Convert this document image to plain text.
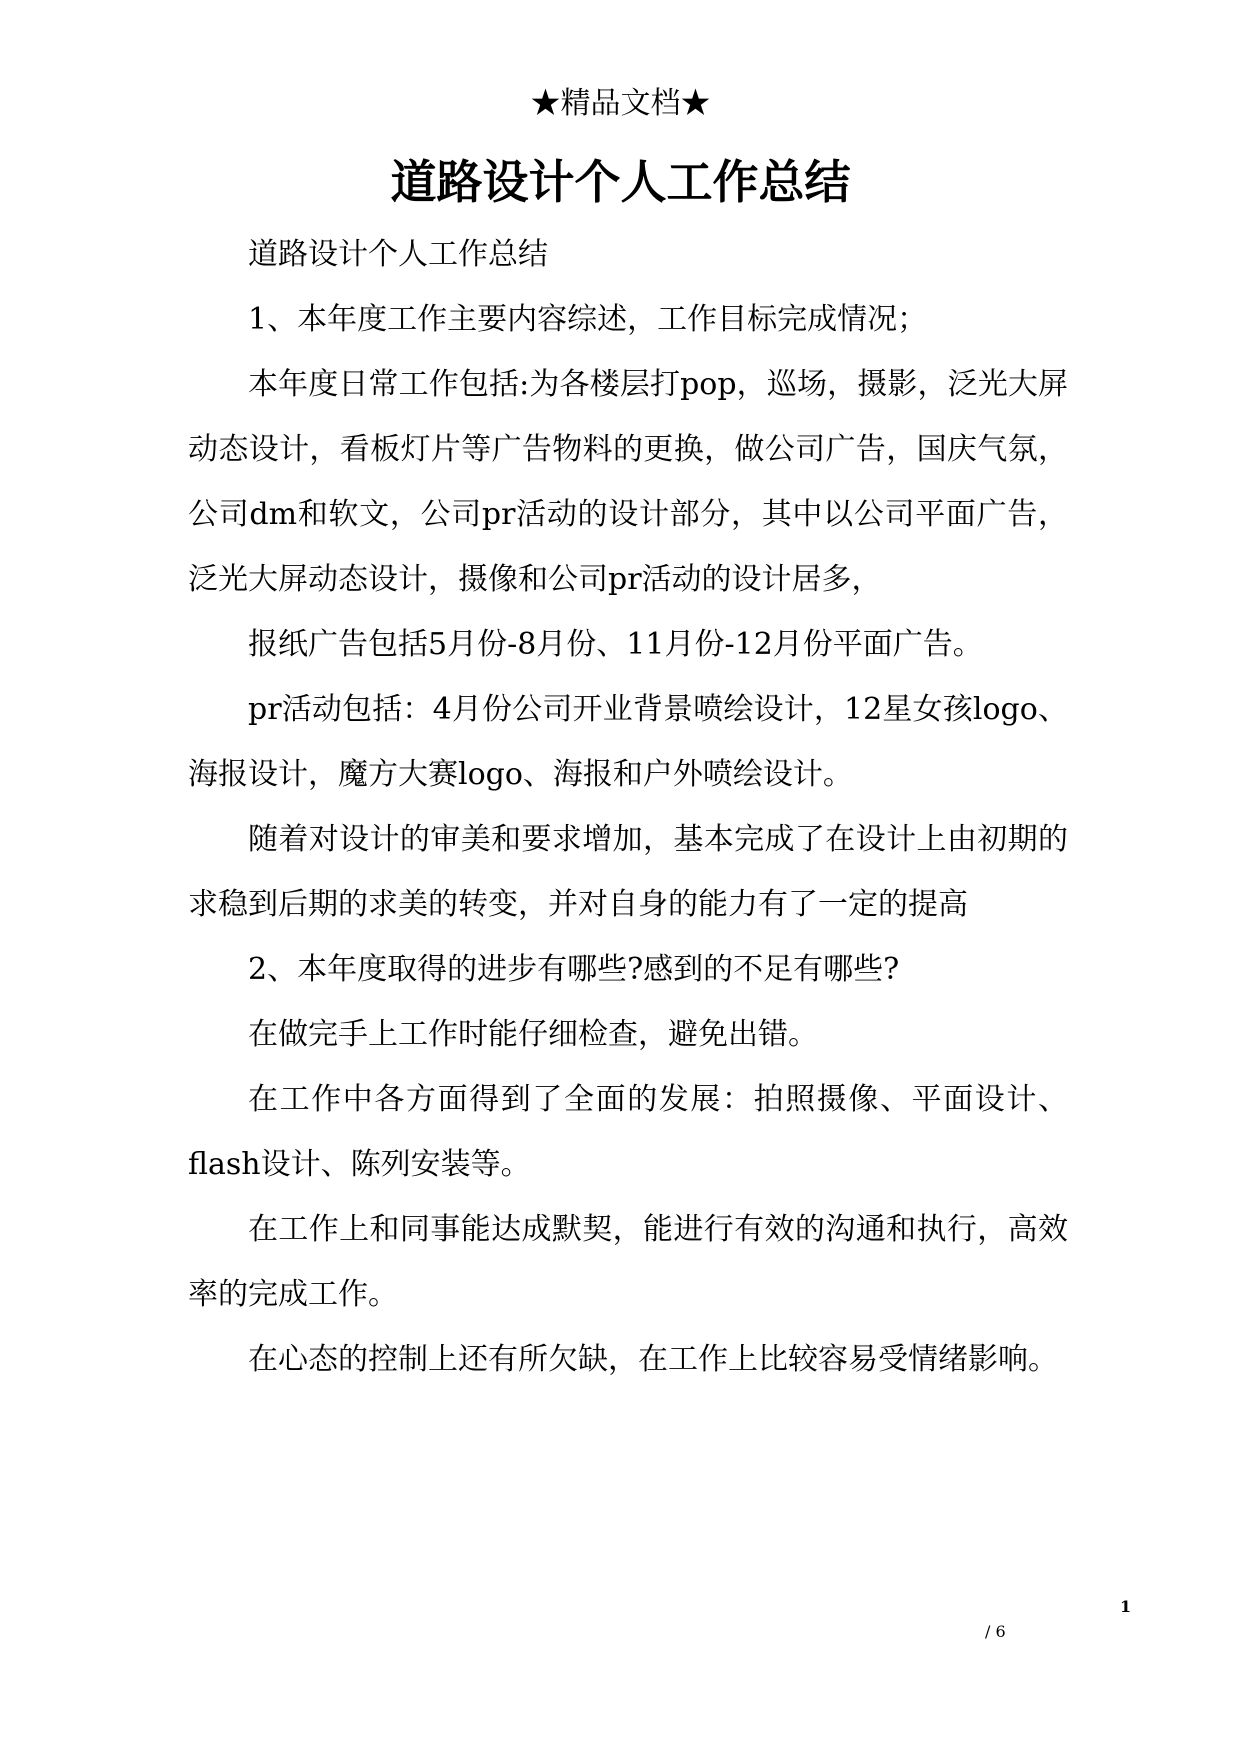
★精品文档★
道路设计个人工作总结

道路设计个人工作总结

1、本年度工作主要内容综述，工作目标完成情况；

本年度日常工作包括:为各楼层打pop，巡场，摄影，泛光大屏动态设计，看板灯片等广告物料的更换，做公司广告，国庆气氛，公司dm和软文，公司pr活动的设计部分，其中以公司平面广告，泛光大屏动态设计，摄像和公司pr活动的设计居多，

报纸广告包括5月份-8月份、11月份-12月份平面广告。

pr活动包括：4月份公司开业背景喷绘设计，12星女孩logo、海报设计，魔方大赛logo、海报和户外喷绘设计。

随着对设计的审美和要求增加，基本完成了在设计上由初期的求稳到后期的求美的转变，并对自身的能力有了一定的提高

2、本年度取得的进步有哪些?感到的不足有哪些?

在做完手上工作时能仔细检查，避免出错。

在工作中各方面得到了全面的发展：拍照摄像、平面设计、flash设计、陈列安装等。

在工作上和同事能达成默契，能进行有效的沟通和执行，高效率的完成工作。

在心态的控制上还有所欠缺，在工作上比较容易受情绪影响。

1
/ 6
